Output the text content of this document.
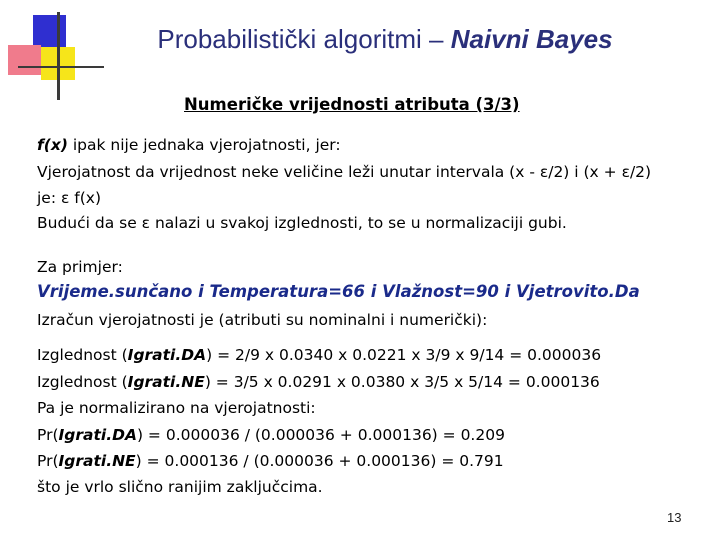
Probabilistički algoritmi – Naivni Bayes
Numeričke vrijednosti atributa (3/3)
f(x) ipak nije jednaka vjerojatnosti, jer:
Vjerojatnost da vrijednost neke veličine leži unutar intervala (x - ε/2) i (x + ε/2)
je: ε f(x)
Budući da se ε nalazi u svakoj izglednosti, to se u normalizaciji gubi.
Za primjer:
Vrijeme.sunčano i Temperatura=66 i Vlažnost=90 i Vjetrovito.Da
Izračun vjerojatnosti je (atributi su nominalni i numerički):
Izglednost (Igrati.DA) = 2/9 x 0.0340 x 0.0221 x 3/9 x 9/14 = 0.000036
Izglednost (Igrati.NE) = 3/5 x 0.0291 x 0.0380 x 3/5 x 5/14 = 0.000136
Pa je normalizirano na vjerojatnosti:
Pr(Igrati.DA) = 0.000036 / (0.000036 + 0.000136) = 0.209
Pr(Igrati.NE) = 0.000136 / (0.000036 + 0.000136) = 0.791
što je vrlo slično ranijim zaključcima.
13
